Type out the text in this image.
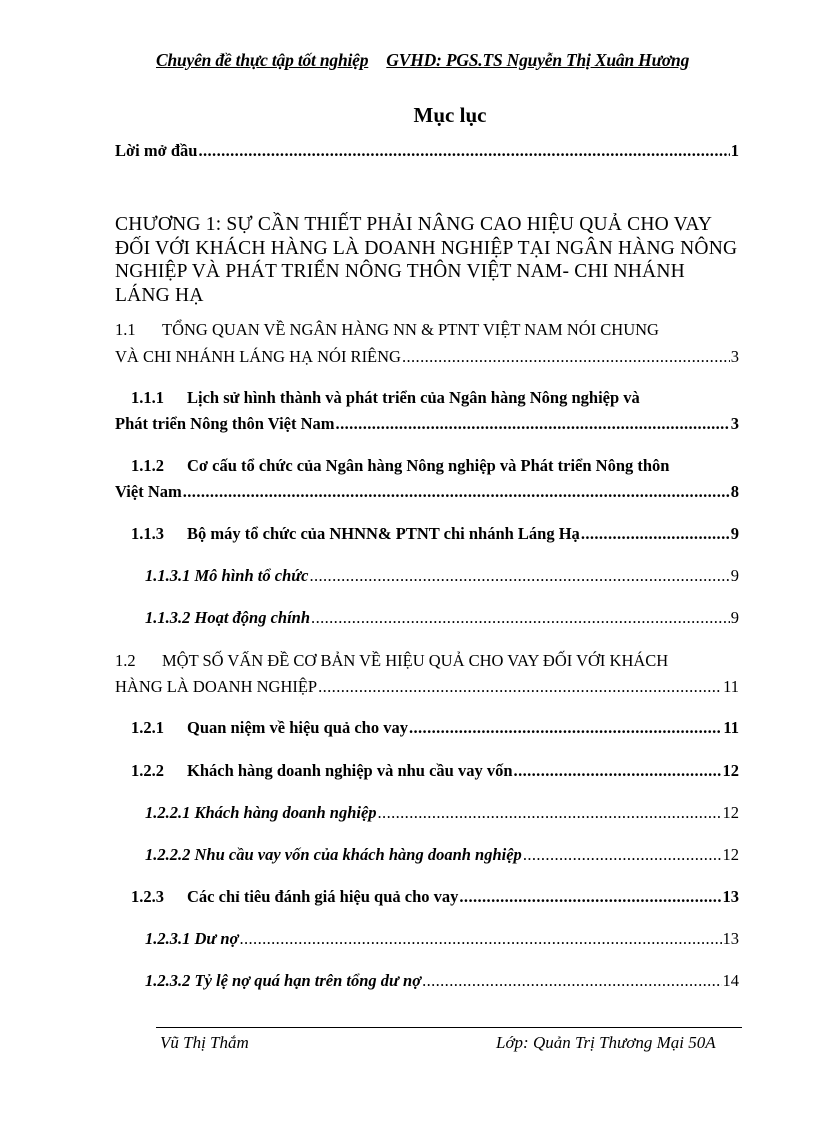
Chuyên đề thực tập tốt nghiệp GVHD: PGS.TS Nguyễn Thị Xuân Hương
Mục lục
Lời mở đầu .....	1
CHƯƠNG 1: SỰ CẦN THIẾT PHẢI NÂNG CAO HIỆU QUẢ CHO VAY ĐỐI VỚI KHÁCH HÀNG LÀ DOANH NGHIỆP TẠI NGÂN HÀNG NÔNG NGHIỆP VÀ PHÁT TRIỂN NÔNG THÔN VIỆT NAM- CHI NHÁNH LÁNG HẠ
1.1 TỔNG QUAN VỀ NGÂN HÀNG NN & PTNT VIỆT NAM NÓI CHUNG
VÀ CHI NHÁNH LÁNG HẠ NÓI RIÊNG .....	3
1.1.1 Lịch sử hình thành và phát triển của Ngân hàng Nông nghiệp và
Phát triển Nông thôn Việt Nam .....	3
1.1.2 Cơ cấu tổ chức của Ngân hàng Nông nghiệp và Phát triển Nông thôn
Việt Nam .....	8
1.1.3	Bộ máy tổ chức của NHNN& PTNT chi nhánh Láng Hạ .....	9
1.1.3.1 Mô hình tổ chức .....	9
1.1.3.2 Hoạt động chính .....	9
1.2 MỘT SỐ VẤN ĐỀ CƠ BẢN VỀ HIỆU QUẢ CHO VAY ĐỐI VỚI KHÁCH
HÀNG LÀ DOANH NGHIỆP .....	11
1.2.1	Quan niệm về hiệu quả cho vay .....	11
1.2.2	Khách hàng doanh nghiệp và nhu cầu vay vốn .....	12
1.2.2.1 Khách hàng doanh nghiệp .....	12
1.2.2.2 Nhu cầu vay vốn của khách hàng doanh nghiệp .....	12
1.2.3	Các chỉ tiêu đánh giá hiệu quả cho vay .....	13
1.2.3.1 Dư nợ .....	13
1.2.3.2 Tỷ lệ nợ quá hạn trên tổng dư nợ .....	14
Vũ Thị Thắm	Lớp: Quản Trị Thương Mại 50A
